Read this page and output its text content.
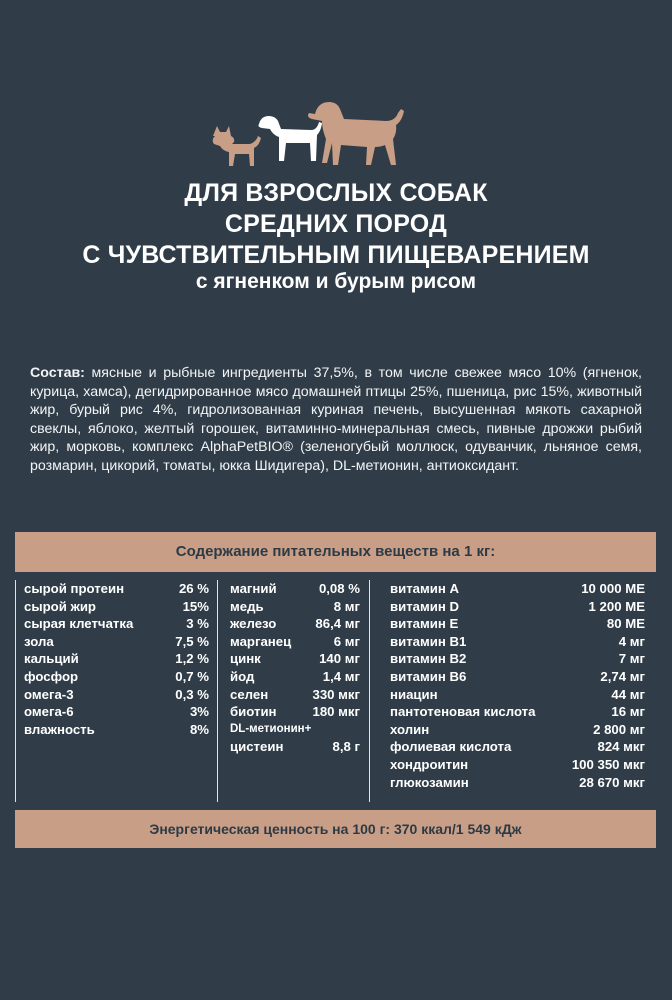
ДЛЯ ВЗРОСЛЫХ СОБАК
СРЕДНИХ ПОРОД
С ЧУВСТВИТЕЛЬНЫМ ПИЩЕВАРЕНИЕМ
с ягненком и бурым рисом
Состав: мясные и рыбные ингредиенты 37,5%, в том числе свежее мясо 10% (ягненок, курица, хамса), дегидрированное мясо домашней птицы 25%, пшеница, рис 15%, животный жир, бурый рис 4%, гидролизованная куриная печень, высушенная мякоть сахарной свеклы, яблоко, желтый горошек, витаминно-минеральная смесь, пивные дрожжи рыбий жир, морковь, комплекс AlphaPetBIO® (зеленогубый моллюск, одуванчик, льняное семя, розмарин, цикорий, томаты, юкка Шидигера), DL-метионин, антиоксидант.
Содержание питательных веществ на 1 кг:
сырой протеин	26 %
сырой жир	15%
сырая клетчатка	3 %
зола	7,5 %
кальций	1,2 %
фосфор	0,7 %
омега-3	0,3 %
омега-6	3%
влажность	8%
магний	0,08 %
медь	8 мг
железо	86,4 мг
марганец	6 мг
цинк	140 мг
йод	1,4 мг
селен	330 мкг
биотин	180 мкг
DL-метионин+
цистеин	8,8 г
витамин А	10 000 МЕ
витамин D	1 200 МЕ
витамин Е	80 МЕ
витамин В1	4 мг
витамин В2	7 мг
витамин В6	2,74 мг
ниацин	44 мг
пантотеновая кислота	16 мг
холин	2 800 мг
фолиевая кислота	824 мкг
хондроитин	100 350 мкг
глюкозамин	28 670 мкг
Энергетическая ценность на 100 г: 370 ккал/1 549 кДж
